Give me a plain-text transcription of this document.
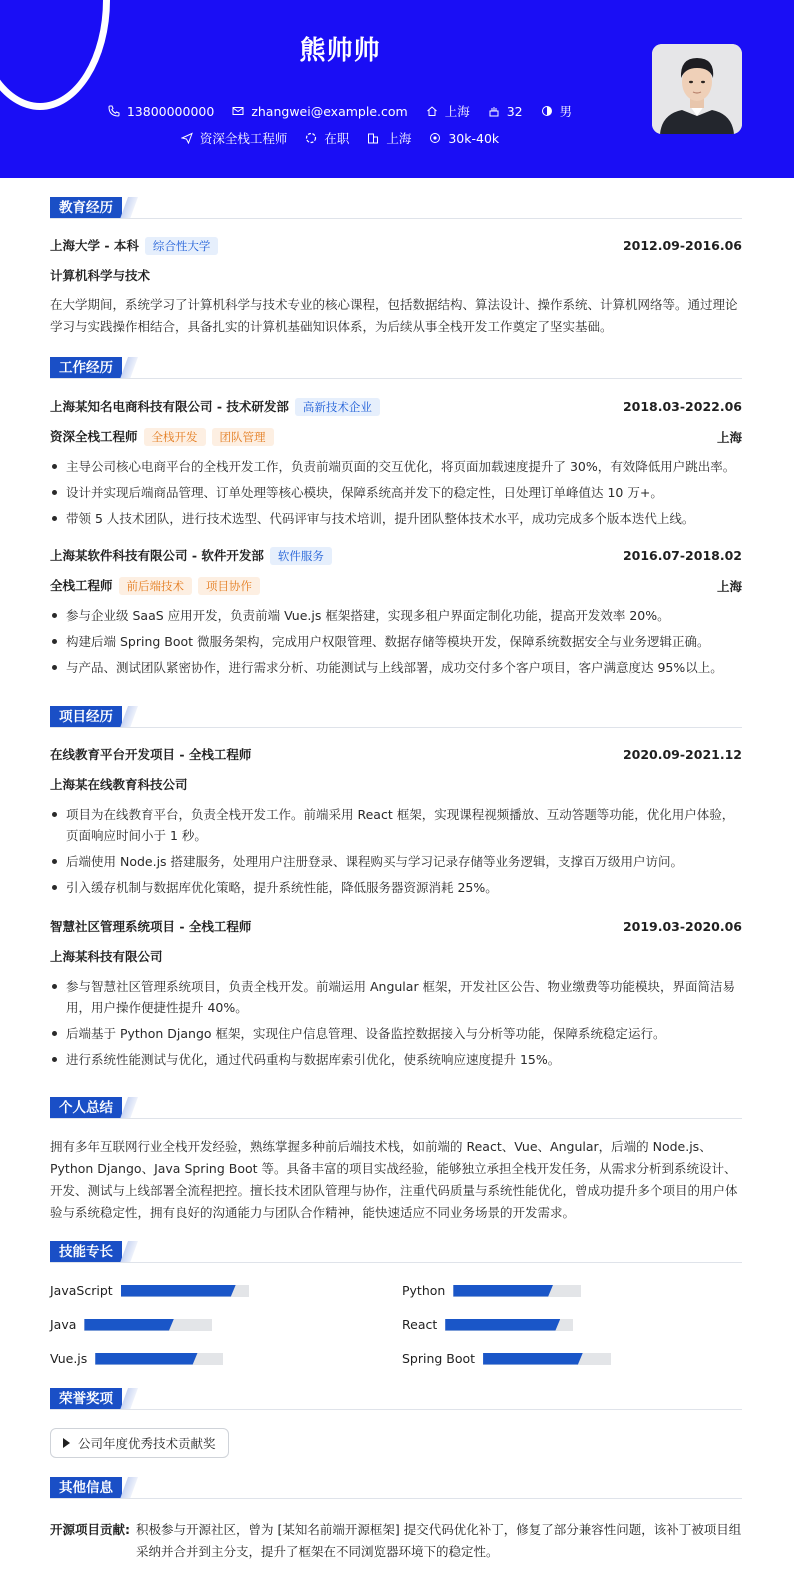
熊帅帅
13800000000	zhangwei@example.com	上海	32	男
资深全栈工程师	在职	上海	30k-40k
教育经历
上海大学 - 本科 综合性大学	2012.09-2016.06
计算机科学与技术
在大学期间，系统学习了计算机科学与技术专业的核心课程，包括数据结构、算法设计、操作系统、计算机网络等。通过理论学习与实践操作相结合，具备扎实的计算机基础知识体系，为后续从事全栈开发工作奠定了坚实基础。
工作经历
上海某知名电商科技有限公司 - 技术研发部 高新技术企业	2018.03-2022.06
资深全栈工程师 全栈开发 团队管理	上海
主导公司核心电商平台的全栈开发工作，负责前端页面的交互优化，将页面加载速度提升了 30%，有效降低用户跳出率。
设计并实现后端商品管理、订单处理等核心模块，保障系统高并发下的稳定性，日处理订单峰值达 10 万+。
带领 5 人技术团队，进行技术选型、代码评审与技术培训，提升团队整体技术水平，成功完成多个版本迭代上线。
上海某软件科技有限公司 - 软件开发部 软件服务	2016.07-2018.02
全栈工程师 前后端技术 项目协作	上海
参与企业级 SaaS 应用开发，负责前端 Vue.js 框架搭建，实现多租户界面定制化功能，提高开发效率 20%。
构建后端 Spring Boot 微服务架构，完成用户权限管理、数据存储等模块开发，保障系统数据安全与业务逻辑正确。
与产品、测试团队紧密协作，进行需求分析、功能测试与上线部署，成功交付多个客户项目，客户满意度达 95%以上。
项目经历
在线教育平台开发项目 - 全栈工程师	2020.09-2021.12
上海某在线教育科技公司
项目为在线教育平台，负责全栈开发工作。前端采用 React 框架，实现课程视频播放、互动答题等功能，优化用户体验，页面响应时间小于 1 秒。
后端使用 Node.js 搭建服务，处理用户注册登录、课程购买与学习记录存储等业务逻辑，支撑百万级用户访问。
引入缓存机制与数据库优化策略，提升系统性能，降低服务器资源消耗 25%。
智慧社区管理系统项目 - 全栈工程师	2019.03-2020.06
上海某科技有限公司
参与智慧社区管理系统项目，负责全栈开发。前端运用 Angular 框架，开发社区公告、物业缴费等功能模块，界面简洁易用，用户操作便捷性提升 40%。
后端基于 Python Django 框架，实现住户信息管理、设备监控数据接入与分析等功能，保障系统稳定运行。
进行系统性能测试与优化，通过代码重构与数据库索引优化，使系统响应速度提升 15%。
个人总结
拥有多年互联网行业全栈开发经验，熟练掌握多种前后端技术栈，如前端的 React、Vue、Angular，后端的 Node.js、Python Django、Java Spring Boot 等。具备丰富的项目实战经验，能够独立承担全栈开发任务，从需求分析到系统设计、开发、测试与上线部署全流程把控。擅长技术团队管理与协作，注重代码质量与系统性能优化，曾成功提升多个项目的用户体验与系统稳定性，拥有良好的沟通能力与团队合作精神，能快速适应不同业务场景的开发需求。
技能专长
JavaScript	Python
Java	React
Vue.js	Spring Boot
荣誉奖项
公司年度优秀技术贡献奖
其他信息
开源项目贡献: 积极参与开源社区，曾为 [某知名前端开源框架] 提交代码优化补丁，修复了部分兼容性问题，该补丁被项目组采纳并合并到主分支，提升了框架在不同浏览器环境下的稳定性。
